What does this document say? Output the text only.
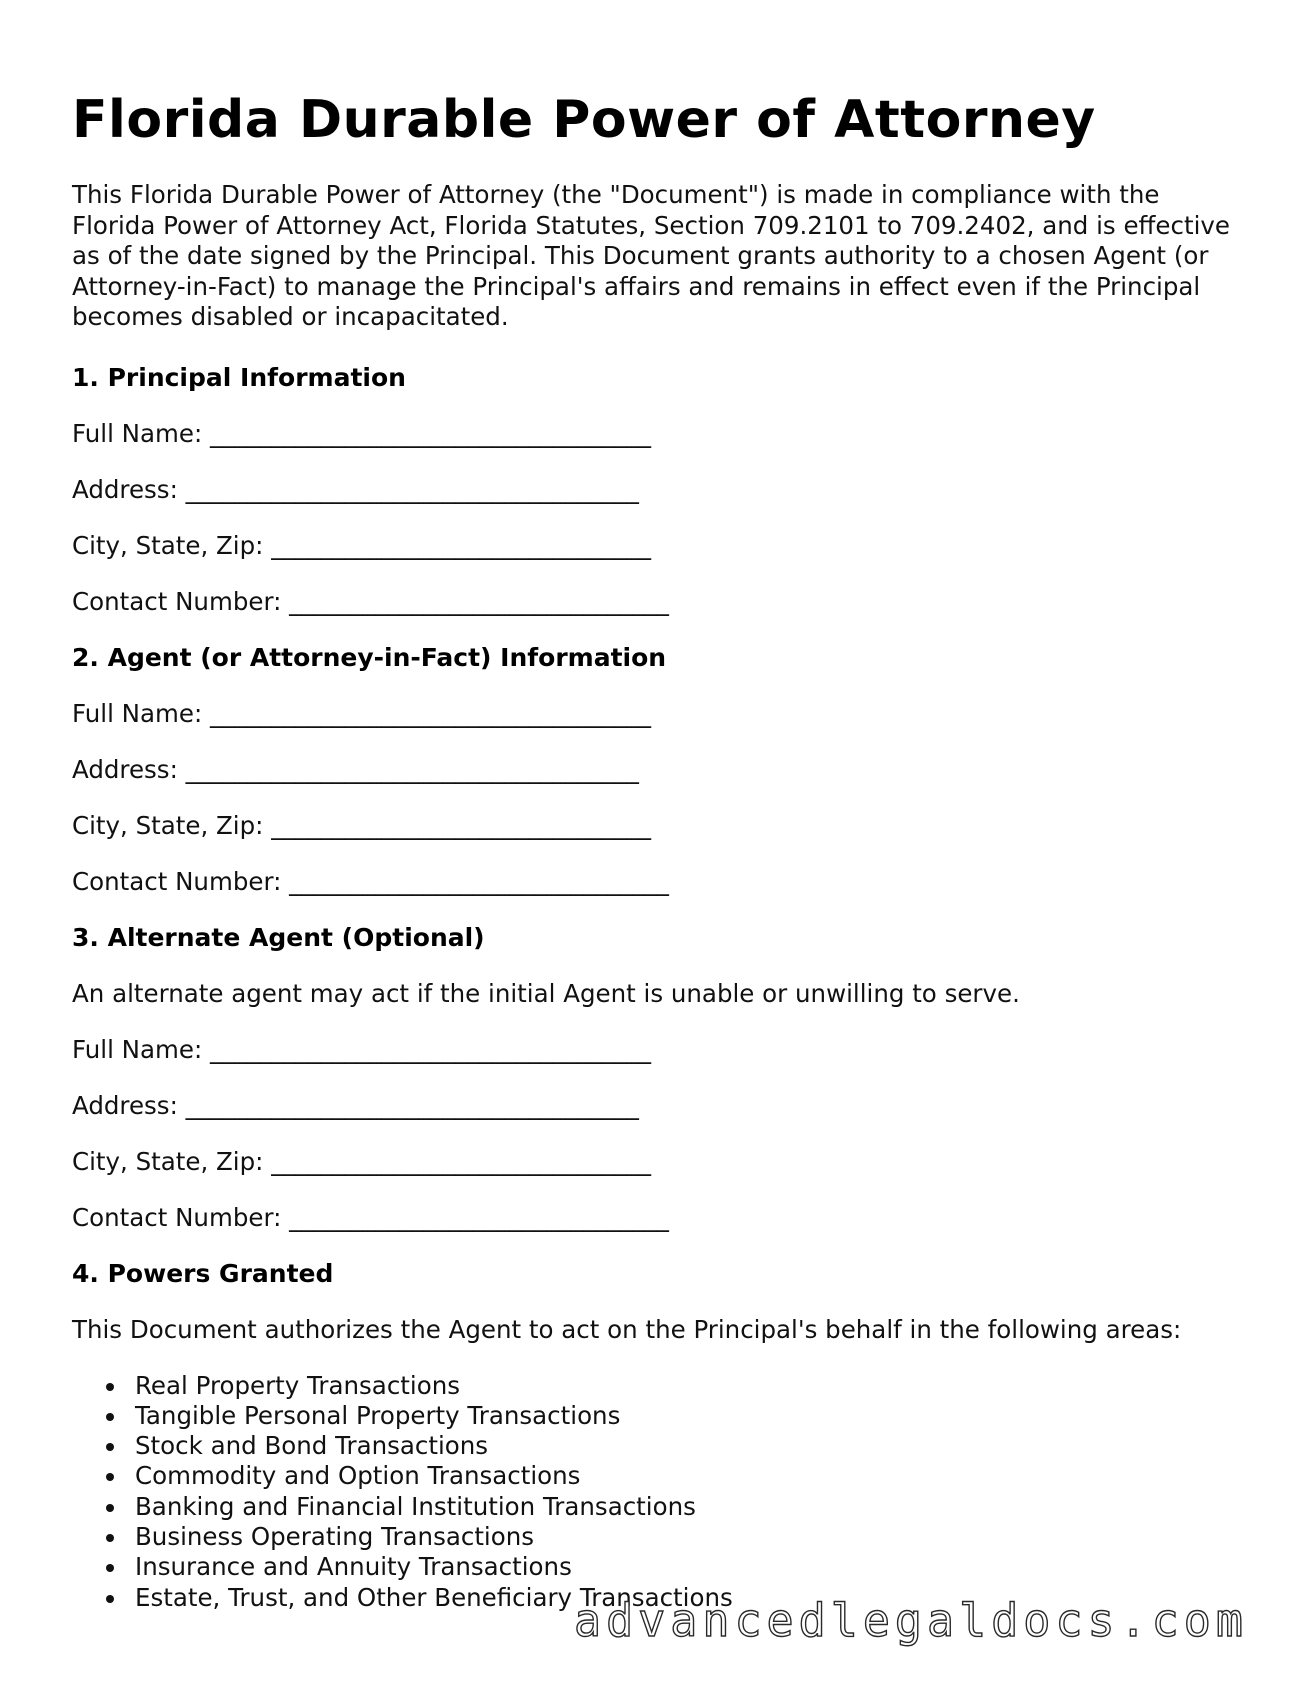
Florida Durable Power of Attorney

This Florida Durable Power of Attorney (the "Document") is made in compliance with the Florida Power of Attorney Act, Florida Statutes, Section 709.2101 to 709.2402, and is effective as of the date signed by the Principal. This Document grants authority to a chosen Agent (or Attorney-in-Fact) to manage the Principal's affairs and remains in effect even if the Principal becomes disabled or incapacitated.

1. Principal Information

Full Name: ____________________________________

Address: _____________________________________

City, State, Zip: _______________________________

Contact Number: _______________________________

2. Agent (or Attorney-in-Fact) Information

Full Name: ____________________________________

Address: _____________________________________

City, State, Zip: _______________________________

Contact Number: _______________________________

3. Alternate Agent (Optional)

An alternate agent may act if the initial Agent is unable or unwilling to serve.

Full Name: ____________________________________

Address: _____________________________________

City, State, Zip: _______________________________

Contact Number: _______________________________

4. Powers Granted

This Document authorizes the Agent to act on the Principal's behalf in the following areas:

Real Property Transactions
Tangible Personal Property Transactions
Stock and Bond Transactions
Commodity and Option Transactions
Banking and Financial Institution Transactions
Business Operating Transactions
Insurance and Annuity Transactions
Estate, Trust, and Other Beneficiary Transactions
advancedlegaldocs.com
